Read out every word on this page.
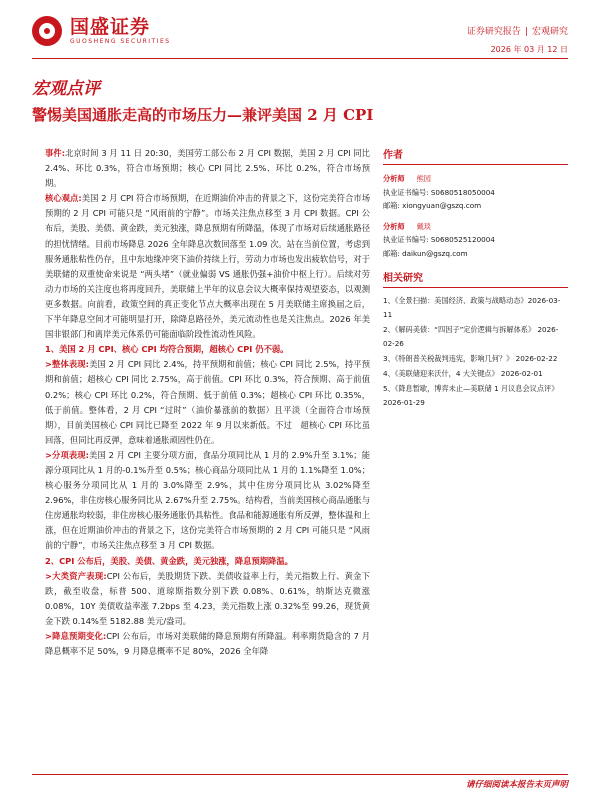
国盛证券
GUOSHENG SECURITIES
证券研究报告 | 宏观研究
2026 年 03 月 12 日
宏观点评
警惕美国通胀走高的市场压力—兼评美国 2 月 CPI

事件:北京时间 3 月 11 日 20:30，美国劳工部公布 2 月 CPI 数据，美国 2 月 CPI 同比 2.4%、环比 0.3%，符合市场预期；核心 CPI 同比 2.5%、环比 0.2%，符合市场预期。

核心观点:美国 2 月 CPI 符合市场预期，在近期油价冲击的背景之下，这份完美符合市场预期的 2 月 CPI 可能只是 “风雨前的宁静”。市场关注焦点移至 3 月 CPI 数据。CPI 公布后，美股、美债、黄金跌，美元独涨，降息预期有所降温，体现了市场对后续通胀路径的担忧情绪。目前市场降息 2026 全年降息次数回落至 1.09 次。站在当前位置，考虑到服务通胀粘性仍存，且中东地缘冲突下油价持续上行，劳动力市场也发出疲软信号，对于美联储的双重使命来说是 “两头堵”（就业偏弱 VS 通胀仍强+油价中枢上行）。后续对劳动力市场的关注度也将再度回升，美联储上半年的议息会议大概率保持观望姿态，以观测更多数据。向前看，政策空间的真正变化节点大概率出现在 5 月美联储主席换届之后，下半年降息空间才可能明显打开，除降息路径外，美元流动性也是关注焦点。2026 年美国非银部门和离岸美元体系仍可能面临阶段性流动性风险。

1、美国 2 月 CPI、核心 CPI 均符合预期，超核心 CPI 仍不弱。

>整体表现:美国 2 月 CPI 同比 2.4%，持平预期和前值；核心 CPI 同比 2.5%，持平预期和前值；超核心 CPI 同比 2.75%，高于前值。CPI 环比 0.3%，符合预期、高于前值 0.2%；核心 CPI 环比 0.2%，符合预期、低于前值 0.3%；超核心 CPI 环比 0.35%，低于前值。整体看，2 月 CPI “过时”（油价暴涨前的数据）且平淡（全面符合市场预期），目前美国核心 CPI 同比已降至 2022 年 9 月以来新低。不过　超核心 CPI 环比虽回落，但同比再反弹，意味着通胀顽固性仍在。

>分项表现:美国 2 月 CPI 主要分项方面，食品分项同比从 1 月的 2.9%升至 3.1%；能源分项同比从 1 月的-0.1%升至 0.5%；核心商品分项同比从 1 月的 1.1%降至 1.0%；核心服务分项同比从 1 月的 3.0%降至 2.9%，其中住房分项同比从 3.02%降至 2.96%，非住房核心服务同比从 2.67%升至 2.75%。结构看，当前美国核心商品通胀与住房通胀均较弱，非住房核心服务通胀仍具粘性。食品和能源通胀有所反弹，整体温和上涨，但在近期油价冲击的背景之下，这份完美符合市场预期的 2 月 CPI 可能只是 “风雨前的宁静”，市场关注焦点移至 3 月 CPI 数据。

2、CPI 公布后，美股、美债、黄金跌，美元独涨，降息预期降温。

>大类资产表现:CPI 公布后，美股期货下跌、美债收益率上行，美元指数上行、黄金下跌，截至收盘，标普 500、道琼斯指数分别下跌 0.08%、0.61%，纳斯达克微涨 0.08%，10Y 美债收益率涨 7.2bps 至 4.23，美元指数上涨 0.32%至 99.26，现货黄金下跌 0.14%至 5182.88 美元/盎司。

>降息预期变化:CPI 公布后，市场对美联储的降息预期有所降温。利率期货隐含的 7 月降息概率不足 50%，9 月降息概率不足 80%，2026 全年降

作者
分析师 熊园
执业证书编号: S0680518050004
邮箱: xiongyuan@gszq.com
分析师 戴琰
执业证书编号: S0680525120004
邮箱: daikun@gszq.com
相关研究
1、《全景扫描：美国经济、政策与战略动态》2026-03-11
2、《解码美债：“四因子”定价逻辑与拆解体系》 2026-02-26
3、《特朗普关税裁判违宪，影响几何？》 2026-02-22
4、《美联储迎来沃什，4 大关键点》 2026-02-01
5、《降息暂歇，博弈未止—美联储 1 月议息会议点评》2026-01-29
请仔细阅读本报告末页声明
